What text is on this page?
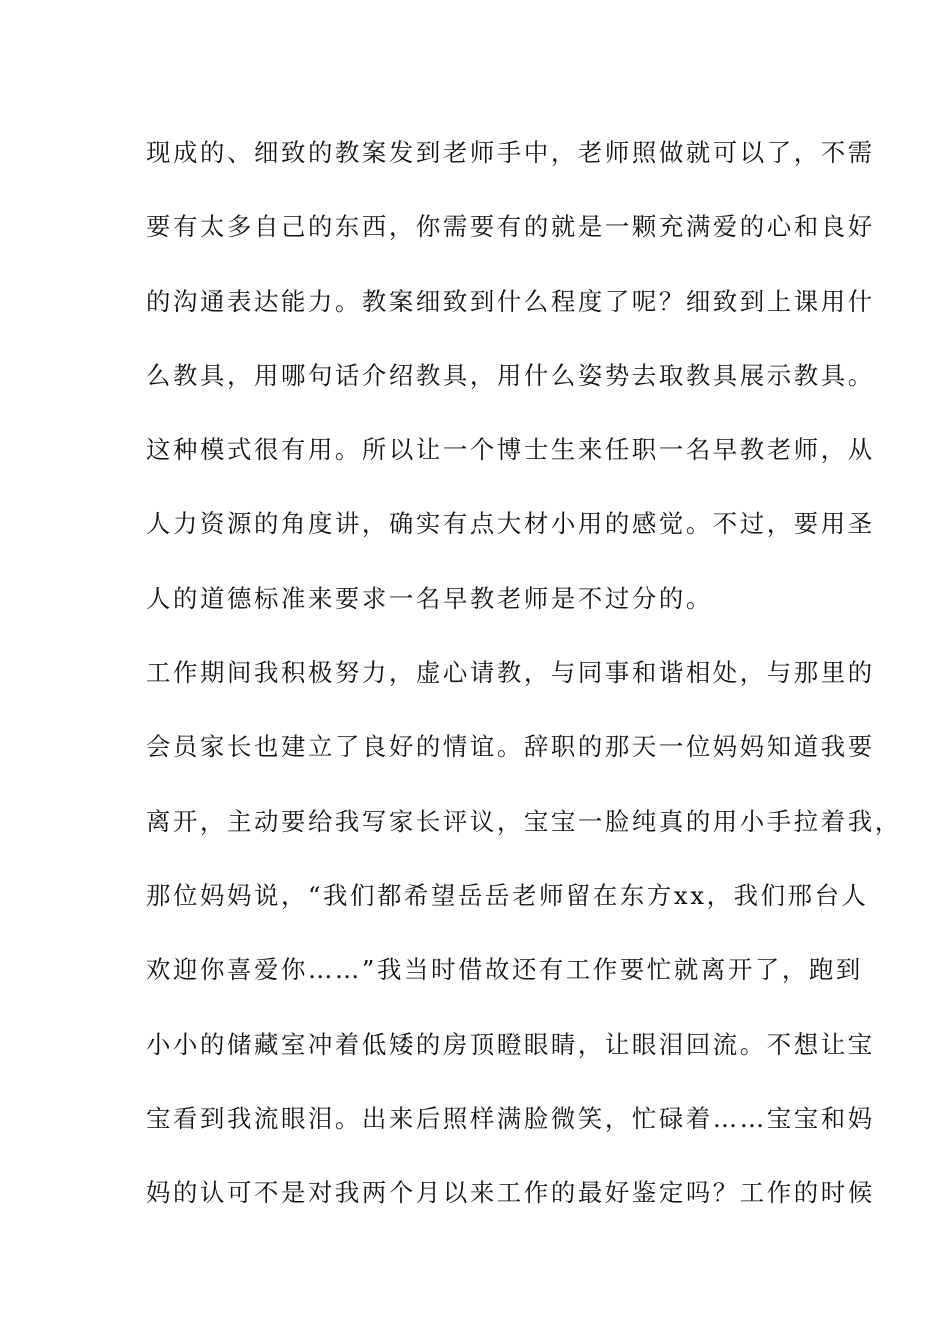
现成的、细致的教案发到老师手中，老师照做就可以了，不需
要有太多自己的东西，你需要有的就是一颗充满爱的心和良好
的沟通表达能力。教案细致到什么程度了呢？细致到上课用什
么教具，用哪句话介绍教具，用什么姿势去取教具展示教具。
这种模式很有用。所以让一个博士生来任职一名早教老师，从
人力资源的角度讲，确实有点大材小用的感觉。不过，要用圣
人的道德标准来要求一名早教老师是不过分的。
工作期间我积极努力，虚心请教，与同事和谐相处，与那里的
会员家长也建立了良好的情谊。辞职的那天一位妈妈知道我要
离开，主动要给我写家长评议，宝宝一脸纯真的用小手拉着我，
那位妈妈说，“我们都希望岳岳老师留在东方xx，我们邢台人
欢迎你喜爱你……”我当时借故还有工作要忙就离开了，跑到
小小的储藏室冲着低矮的房顶瞪眼睛，让眼泪回流。不想让宝
宝看到我流眼泪。出来后照样满脸微笑，忙碌着……宝宝和妈
妈的认可不是对我两个月以来工作的最好鉴定吗？工作的时候
